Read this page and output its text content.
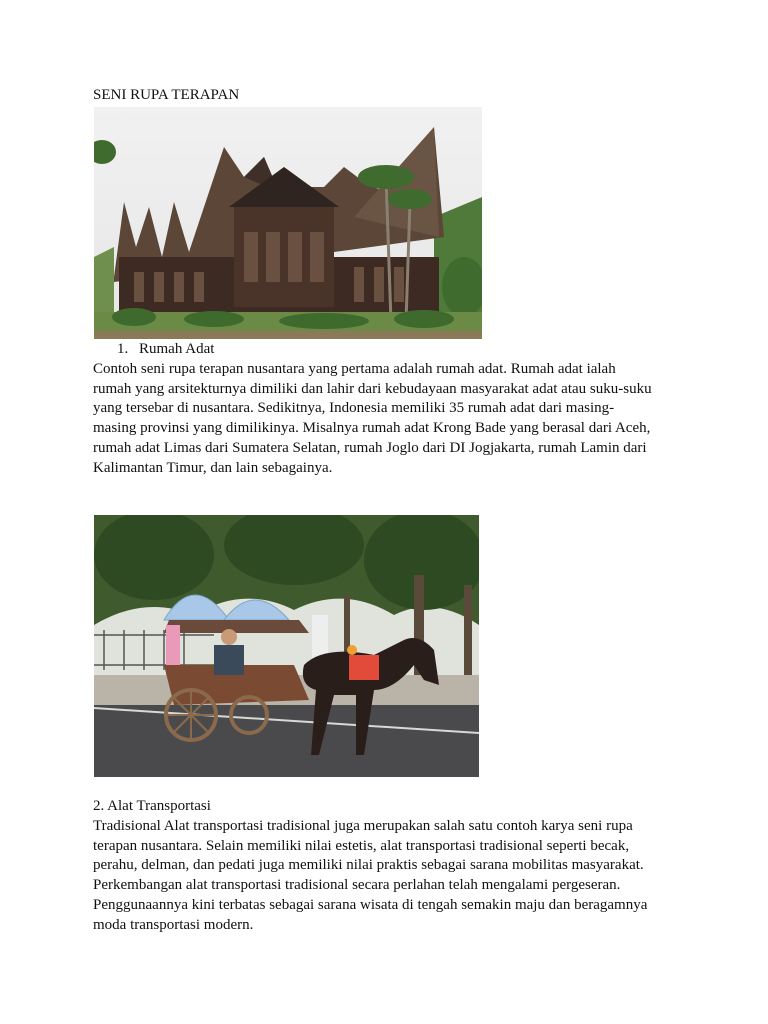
SENI RUPA TERAPAN
1. Rumah Adat

Contoh seni rupa terapan nusantara yang pertama adalah rumah adat. Rumah adat ialah
rumah yang arsitekturnya dimiliki dan lahir dari kebudayaan masyarakat adat atau suku-suku
yang tersebar di nusantara. Sedikitnya, Indonesia memiliki 35 rumah adat dari masing-
masing provinsi yang dimilikinya. Misalnya rumah adat Krong Bade yang berasal dari Aceh,
rumah adat Limas dari Sumatera Selatan, rumah Joglo dari DI Jogjakarta, rumah Lamin dari
Kalimantan Timur, dan lain sebagainya.

2. Alat Transportasi

Tradisional Alat transportasi tradisional juga merupakan salah satu contoh karya seni rupa
terapan nusantara. Selain memiliki nilai estetis, alat transportasi tradisional seperti becak,
perahu, delman, dan pedati juga memiliki nilai praktis sebagai sarana mobilitas masyarakat.
Perkembangan alat transportasi tradisional secara perlahan telah mengalami pergeseran.
Penggunaannya kini terbatas sebagai sarana wisata di tengah semakin maju dan beragamnya
moda transportasi modern.
